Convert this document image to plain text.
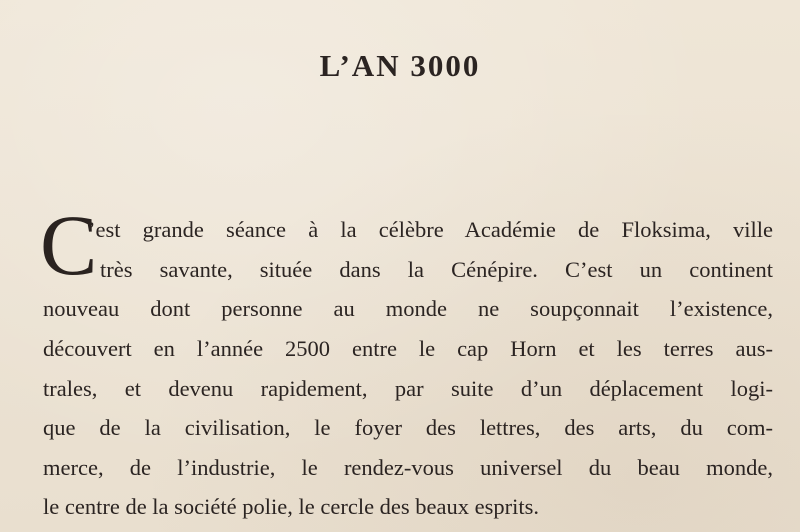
L’AN 3000
C
’est grande séance à la célèbre Académie de Floksima, ville
très savante, située dans la Cénépire. C’est un continent
nouveau dont personne au monde ne soupçonnait l’existence,
découvert en l’année 2500 entre le cap Horn et les terres aus-
trales, et devenu rapidement, par suite d’un déplacement logi-
que de la civilisation, le foyer des lettres, des arts, du com-
merce, de l’industrie, le rendez-vous universel du beau monde,
le centre de la société polie, le cercle des beaux esprits.
